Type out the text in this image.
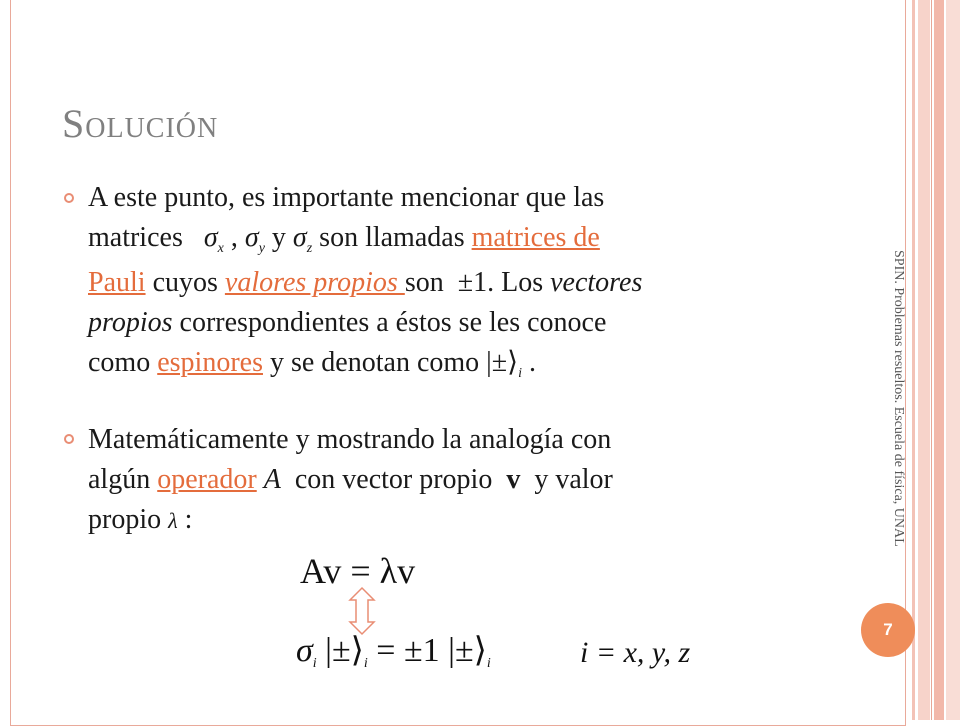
Solución
A este punto, es importante mencionar que las
matrices $\sigma_x$ , $\sigma_y$ y $\sigma_z$ son llamadas matrices de
Pauli cuyos valores propios son ±1. Los vectores
propios correspondientes a éstos se les conoce
como espinores y se denotan como $|\pm⟩_i$ .
Matemáticamente y mostrando la analogía con
algún operador A con vector propio v y valor
propio λ :
Av = λv
σi |±⟩i = ±1 |±⟩i	i = x, y, z
SPIN. Problemas resueltos. Escuela de física, UNAL
7
